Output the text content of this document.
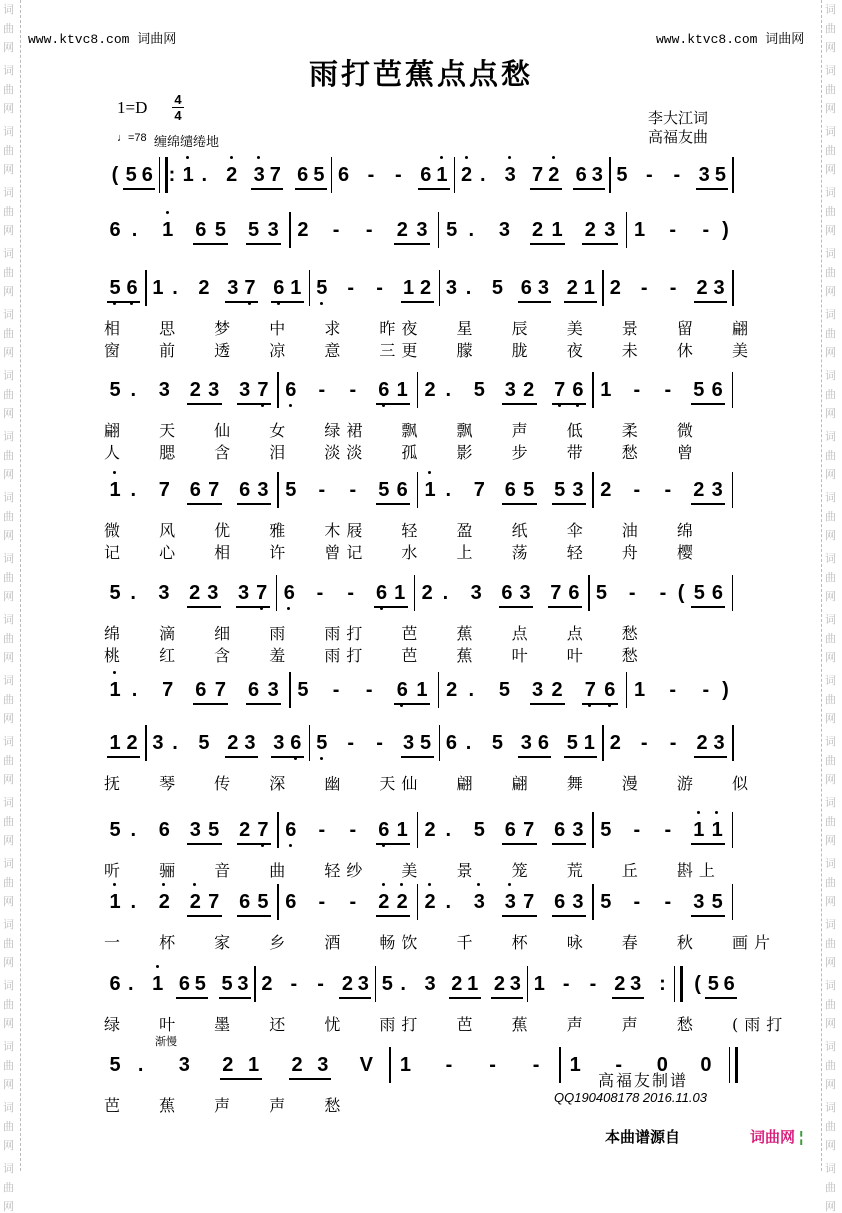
词
曲
网
词
曲
网
词
曲
网
词
曲
网
词
曲
网
词
曲
网
词
曲
网
词
曲
网
词
曲
网
词
曲
网
词
曲
网
词
曲
网
词
曲
网
词
曲
网
词
曲
网
词
曲
网
词
曲
网
词
曲
网
词
曲
网
词
曲
网
词
曲
网
词
曲
网
词
曲
网
词
曲
网
词
曲
网
词
曲
网
词
曲
网
词
曲
网
词
曲
网
词
曲
网
词
曲
网
词
曲
网
词
曲
网
词
曲
网
词
曲
网
词
曲
网
词
曲
网
词
曲
网
词
曲
网
词
曲
网
www.ktvc8.com 词曲网	www.ktvc8.com 词曲网
雨打芭蕉点点愁
1=D 4
4
♩=78 缠绵缱绻地
李大江词
高福友曲
( 5 6 : 1 . 2 3 7 6 5 6 - - 6 1 2 . 3 7 2 6 3 5 - - 3 5
6 . 1 6 5 5 3 2 - - 2 3 5 . 3 2 1 2 3 1 - - )
5 6 1 . 2 3 7 6 1 5 - - 1 2 3 . 5 6 3 2 1 2 - - 2 3
相 思 梦 中 求 昨夜 星 辰 美 景 留 翩
窗 前 透 凉 意 三更 朦 胧 夜 未 休 美
5 . 3 2 3 3 7 6 - - 6 1 2 . 5 3 2 7 6 1 - - 5 6
翩 天 仙 女 绿裙 飘 飘 声 低 柔 微
人 腮 含 泪 淡淡 孤 影 步 带 愁 曾
1 . 7 6 7 6 3 5 - - 5 6 1 . 7 6 5 5 3 2 - - 2 3
微 风 优 雅 木屐 轻 盈 纸 伞 油 绵
记 心 相 许 曾记 水 上 荡 轻 舟 樱
5 . 3 2 3 3 7 6 - - 6 1 2 . 3 6 3 7 6 5 - - ( 5 6
绵 滴 细 雨 雨打 芭 蕉 点 点 愁
桃 红 含 羞 雨打 芭 蕉 叶 叶 愁
1 . 7 6 7 6 3 5 - - 6 1 2 . 5 3 2 7 6 1 - - )
1 2 3 . 5 2 3 3 6 5 - - 3 5 6 . 5 3 6 5 1 2 - - 2 3
抚 琴 传 深 幽 天仙 翩 翩 舞 漫 游 似
5 . 6 3 5 2 7 6 - - 6 1 2 . 5 6 7 6 3 5 - - 1 1
听 骊 音 曲 轻纱 美 景 笼 荒 丘 斟上
1 . 2 2 7 6 5 6 - - 2 2 2 . 3 3 7 6 3 5 - - 3 5
一 杯 家 乡 酒 畅饮 千 杯 咏 春 秋 画片
6 . 1 6 5 5 3 2 - - 2 3 5 . 3 2 1 2 3 1 - - 2 3 : ( 5 6
绿 叶 墨 还 忧 雨打 芭 蕉 声 声 愁 (雨打
5 . 3 2 1 2 3 V 1 - - - 1 - 0 0
渐慢
芭 蕉 声 声 愁
高福友制谱
QQ190408178 2016.11.03
本曲谱源自	词曲网 ¦
